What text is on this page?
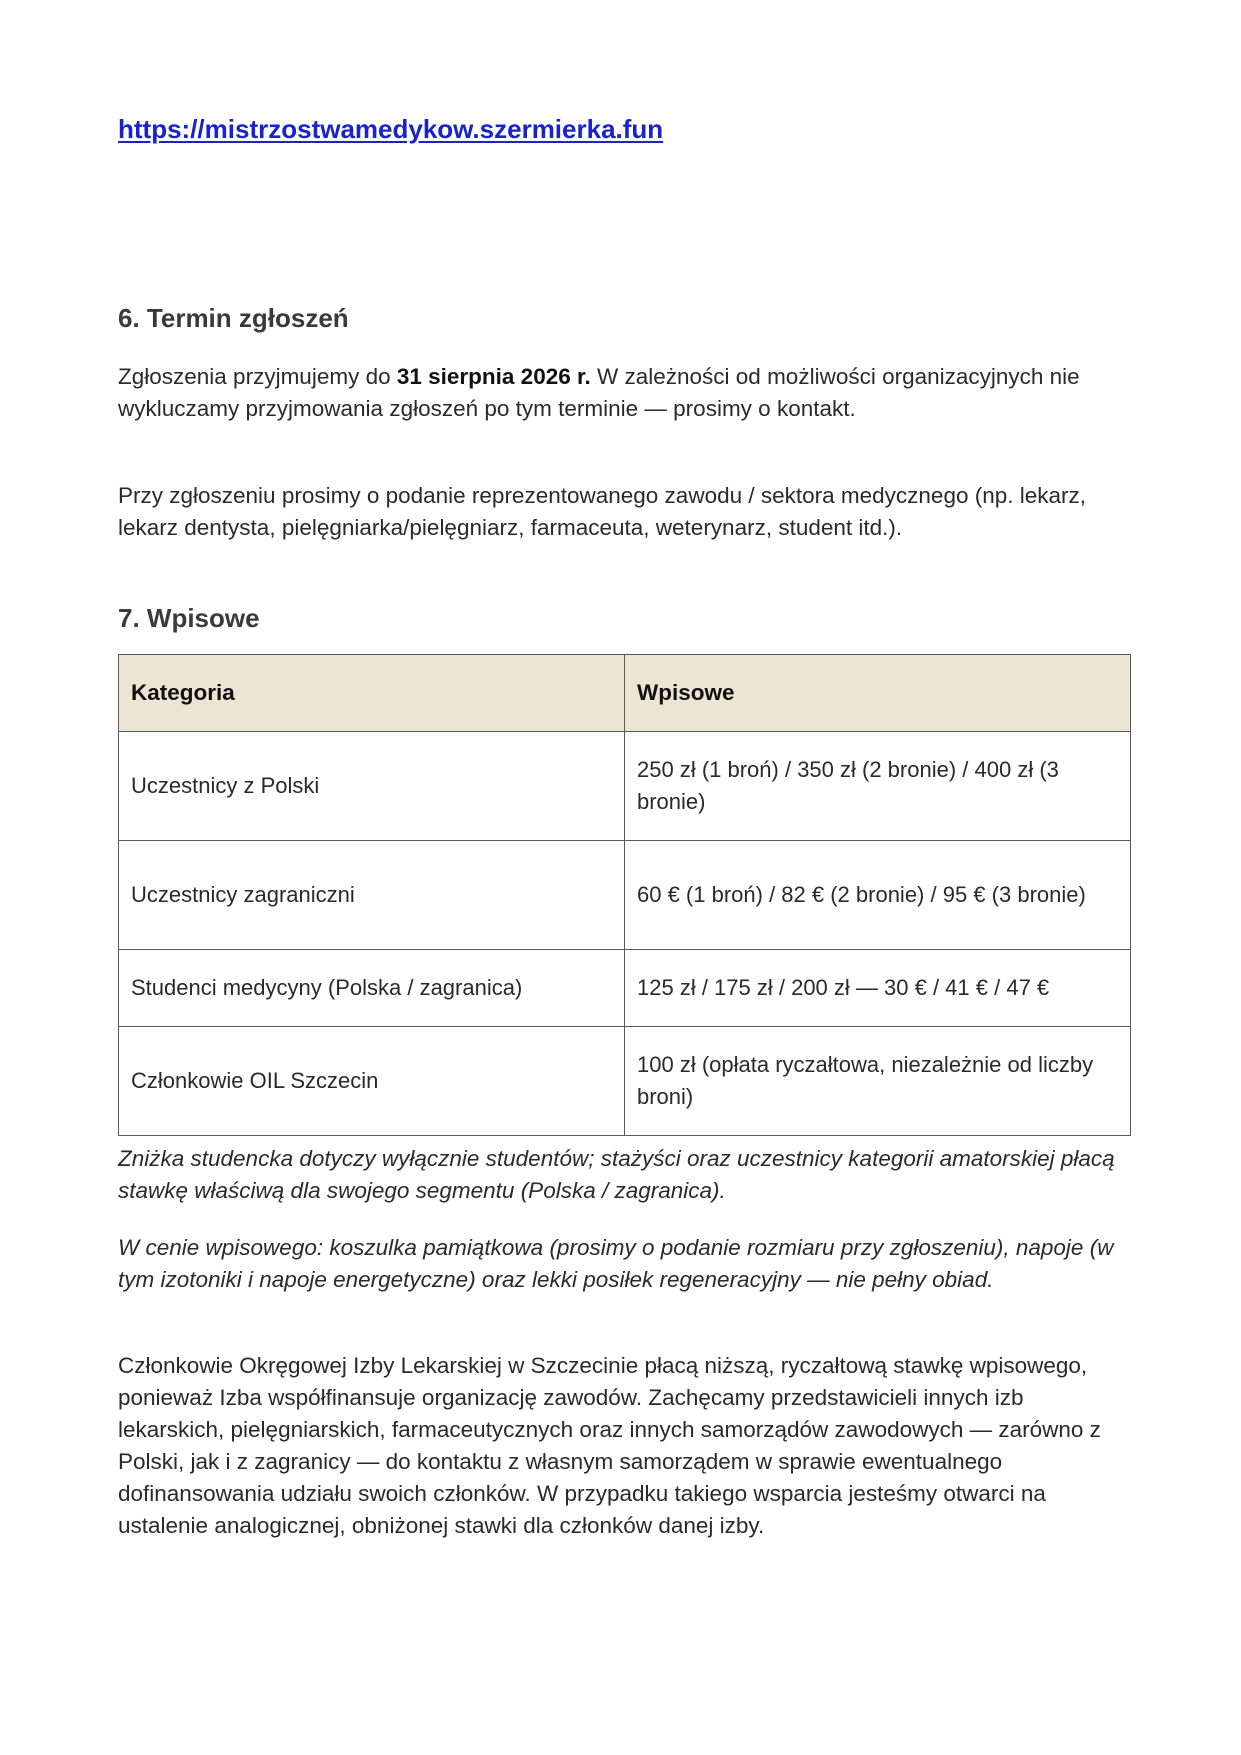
https://mistrzostwamedykow.szermierka.fun
6. Termin zgłoszeń

Zgłoszenia przyjmujemy do 31 sierpnia 2026 r. W zależności od możliwości organizacyjnych nie wykluczamy przyjmowania zgłoszeń po tym terminie — prosimy o kontakt.

Przy zgłoszeniu prosimy o podanie reprezentowanego zawodu / sektora medycznego (np. lekarz, lekarz dentysta, pielęgniarka/pielęgniarz, farmaceuta, weterynarz, student itd.).

7. Wpisowe
Kategoria	Wpisowe
Uczestnicy z Polski	250 zł (1 broń) / 350 zł (2 bronie) / 400 zł (3 bronie)
Uczestnicy zagraniczni	60 € (1 broń) / 82 € (2 bronie) / 95 € (3 bronie)
Studenci medycyny (Polska / zagranica)	125 zł / 175 zł / 200 zł — 30 € / 41 € / 47 €
Członkowie OIL Szczecin	100 zł (opłata ryczałtowa, niezależnie od liczby broni)

Zniżka studencka dotyczy wyłącznie studentów; stażyści oraz uczestnicy kategorii amatorskiej płacą stawkę właściwą dla swojego segmentu (Polska / zagranica).

W cenie wpisowego: koszulka pamiątkowa (prosimy o podanie rozmiaru przy zgłoszeniu), napoje (w tym izotoniki i napoje energetyczne) oraz lekki posiłek regeneracyjny — nie pełny obiad.

Członkowie Okręgowej Izby Lekarskiej w Szczecinie płacą niższą, ryczałtową stawkę wpisowego, ponieważ Izba współfinansuje organizację zawodów. Zachęcamy przedstawicieli innych izb lekarskich, pielęgniarskich, farmaceutycznych oraz innych samorządów zawodowych — zarówno z Polski, jak i z zagranicy — do kontaktu z własnym samorządem w sprawie ewentualnego dofinansowania udziału swoich członków. W przypadku takiego wsparcia jesteśmy otwarci na ustalenie analogicznej, obniżonej stawki dla członków danej izby.
